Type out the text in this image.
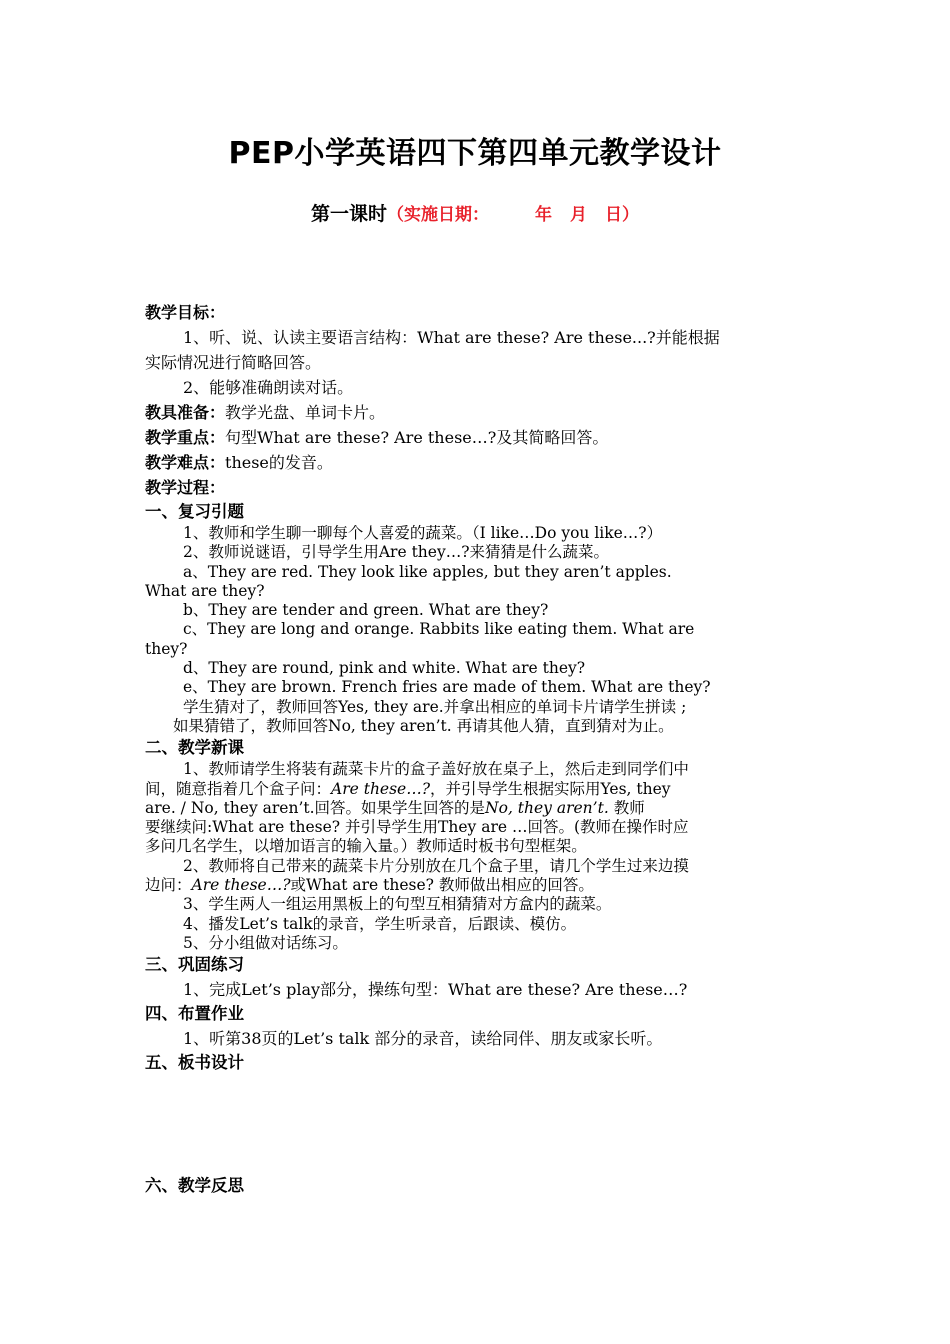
PEP小学英语四下第四单元教学设计
第一课时（实施日期：	年 月 日）
教学目标：
1、听、说、认读主要语言结构：What are these? Are these...?并能根据
实际情况进行简略回答。
2、能够准确朗读对话。
教具准备：教学光盘、单词卡片。
教学重点：句型What are these? Are these…?及其简略回答。
教学难点：these的发音。
教学过程：
一、复习引题
1、教师和学生聊一聊每个人喜爱的蔬菜。（I like…Do you like…?）
2、教师说谜语，引导学生用Are they…?来猜猜是什么蔬菜。
a、They are red. They look like apples, but they aren’t apples.
What are they?
b、They are tender and green. What are they?
c、They are long and orange. Rabbits like eating them. What are
they?
d、They are round, pink and white. What are they?
e、They are brown. French fries are made of them. What are they?
学生猜对了，教师回答Yes, they are.并拿出相应的单词卡片请学生拼读 ;
如果猜错了，教师回答No, they aren’t. 再请其他人猜，直到猜对为止。
二、教学新课
1、教师请学生将装有蔬菜卡片的盒子盖好放在桌子上，然后走到同学们中
间，随意指着几个盒子问：Are these…?，并引导学生根据实际用Yes, they
are. / No, they aren’t.回答。如果学生回答的是No, they aren’t. 教师
要继续问:What are these? 并引导学生用They are …回答。(教师在操作时应
多问几名学生，以增加语言的输入量。）教师适时板书句型框架。
2、教师将自己带来的蔬菜卡片分别放在几个盒子里，请几个学生过来边摸
边问：Are these…?或What are these? 教师做出相应的回答。
3、学生两人一组运用黑板上的句型互相猜猜对方盒内的蔬菜。
4、播发Let’s talk的录音，学生听录音，后跟读、模仿。
5、分小组做对话练习。
三、巩固练习
1、完成Let’s play部分，操练句型：What are these? Are these…?
四、布置作业
1、听第38页的Let’s talk 部分的录音，读给同伴、朋友或家长听。
五、板书设计
六、教学反思
